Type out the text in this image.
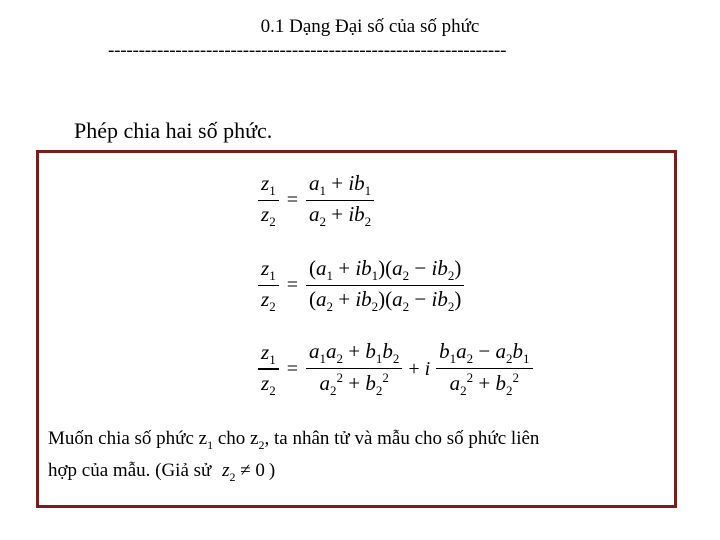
0.1 Dạng Đại số của số phức
-----------------------------------------------------------------
Phép chia hai số phức.
$\frac{z_1}{z_2} = \frac{a_1 + ib_1}{a_2 + ib_2}$
$\frac{z_1}{z_2} = \frac{(a_1 + ib_1)(a_2 - ib_2)}{(a_2 + ib_2)(a_2 - ib_2)}$
$\frac{z_1}{z_2} = \frac{a_1a_2 + b_1b_2}{a_2^2 + b_2^2} + i \frac{b_1a_2 - a_2b_1}{a_2^2 + b_2^2}$
Muốn chia số phức $z_1$ cho $z_2$, ta nhân tử và mẫu cho số phức liên
hợp của mẫu. (Giả sử $z_2 \ne 0$ )
